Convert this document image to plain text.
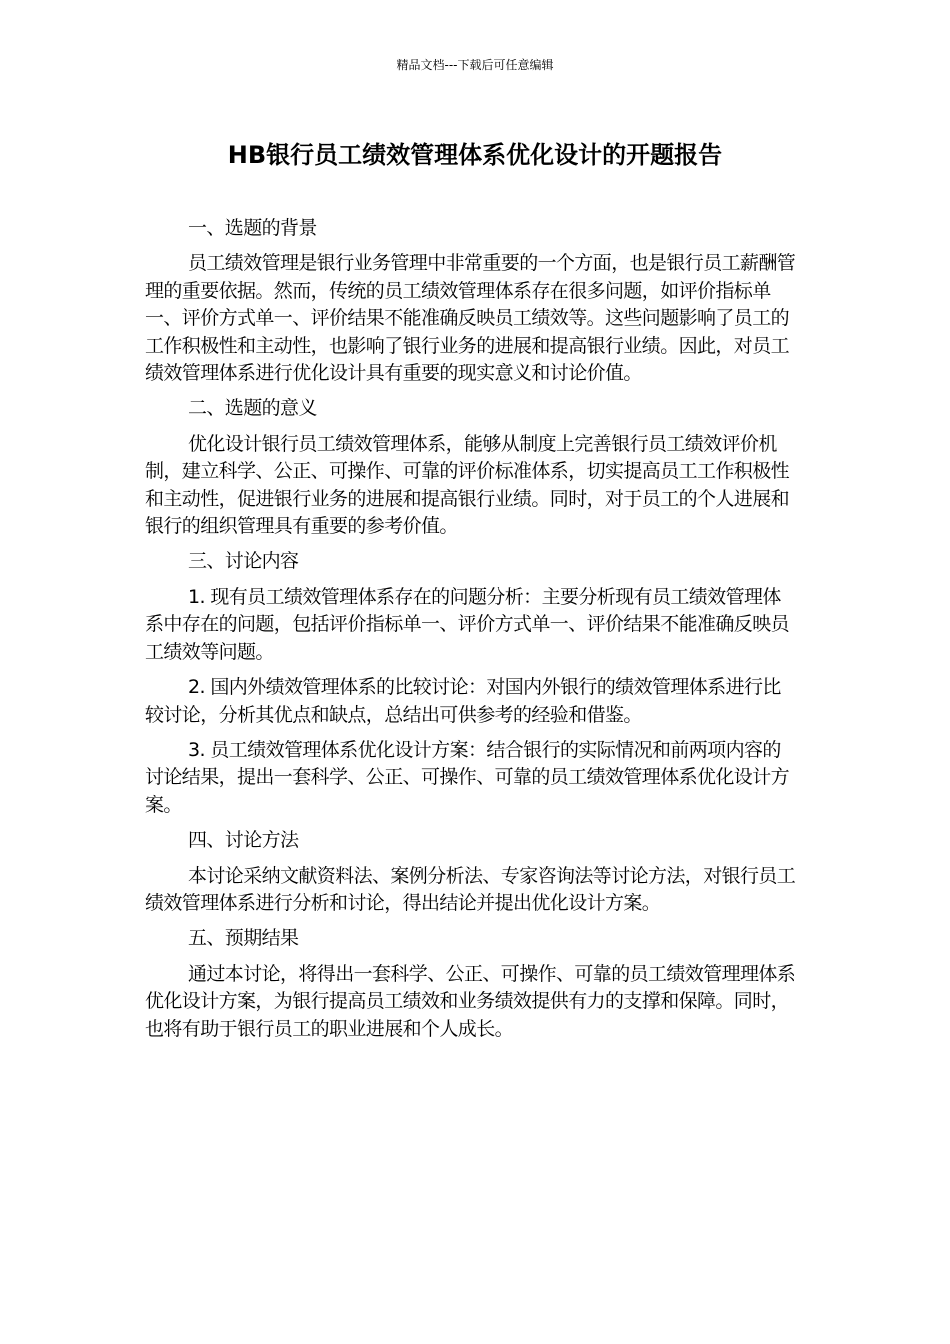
精品文档---下载后可任意编辑
HB银行员工绩效管理体系优化设计的开题报告

一、选题的背景

员工绩效管理是银行业务管理中非常重要的一个方面，也是银行员工薪酬管理的重要依据。然而，传统的员工绩效管理体系存在很多问题，如评价指标单一、评价方式单一、评价结果不能准确反映员工绩效等。这些问题影响了员工的工作积极性和主动性，也影响了银行业务的进展和提高银行业绩。因此，对员工绩效管理体系进行优化设计具有重要的现实意义和讨论价值。

二、选题的意义

优化设计银行员工绩效管理体系，能够从制度上完善银行员工绩效评价机制，建立科学、公正、可操作、可靠的评价标准体系，切实提高员工工作积极性和主动性，促进银行业务的进展和提高银行业绩。同时，对于员工的个人进展和银行的组织管理具有重要的参考价值。

三、讨论内容

1. 现有员工绩效管理体系存在的问题分析：主要分析现有员工绩效管理体系中存在的问题，包括评价指标单一、评价方式单一、评价结果不能准确反映员工绩效等问题。

2. 国内外绩效管理体系的比较讨论：对国内外银行的绩效管理体系进行比较讨论，分析其优点和缺点，总结出可供参考的经验和借鉴。

3. 员工绩效管理体系优化设计方案：结合银行的实际情况和前两项内容的讨论结果，提出一套科学、公正、可操作、可靠的员工绩效管理体系优化设计方案。

四、讨论方法

本讨论采纳文献资料法、案例分析法、专家咨询法等讨论方法，对银行员工绩效管理体系进行分析和讨论，得出结论并提出优化设计方案。

五、预期结果

通过本讨论，将得出一套科学、公正、可操作、可靠的员工绩效管理理体系优化设计方案，为银行提高员工绩效和业务绩效提供有力的支撑和保障。同时，也将有助于银行员工的职业进展和个人成长。
